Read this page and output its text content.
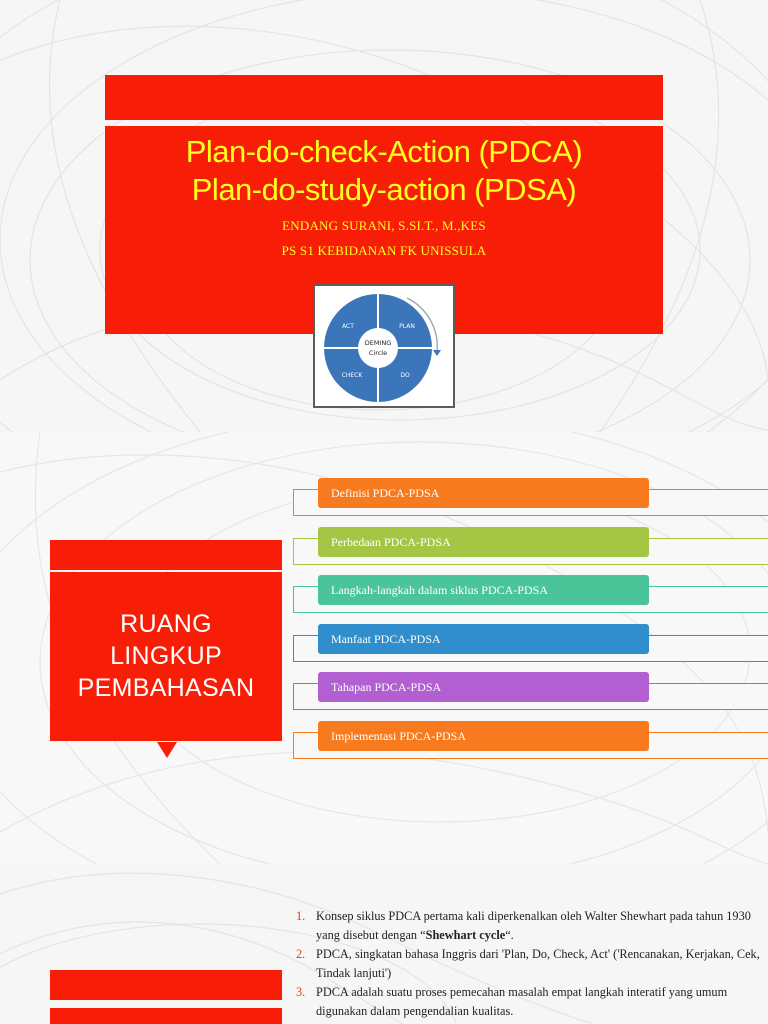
Plan-do-check-Action (PDCA)
Plan-do-study-action (PDSA)
ENDANG SURANI, S.SI.T., M.,KES
PS S1 KEBIDANAN FK UNISSULA
DEMING
Circle
ACT	PLAN
CHECK	DO
RUANG
LINGKUP
PEMBAHASAN
Definisi PDCA-PDSA
Perbedaan PDCA-PDSA
Langkah-langkah dalam siklus PDCA-PDSA
Manfaat PDCA-PDSA
Tahapan PDCA-PDSA
Implementasi PDCA-PDSA
1. Konsep siklus PDCA pertama kali diperkenalkan oleh Walter Shewhart pada tahun 1930 yang disebut dengan “Shewhart cycle“.
2. PDCA, singkatan bahasa Inggris dari 'Plan, Do, Check, Act' ('Rencanakan, Kerjakan, Cek, Tindak lanjuti')
3. PDCA adalah suatu proses pemecahan masalah empat langkah interatif yang umum digunakan dalam pengendalian kualitas.
